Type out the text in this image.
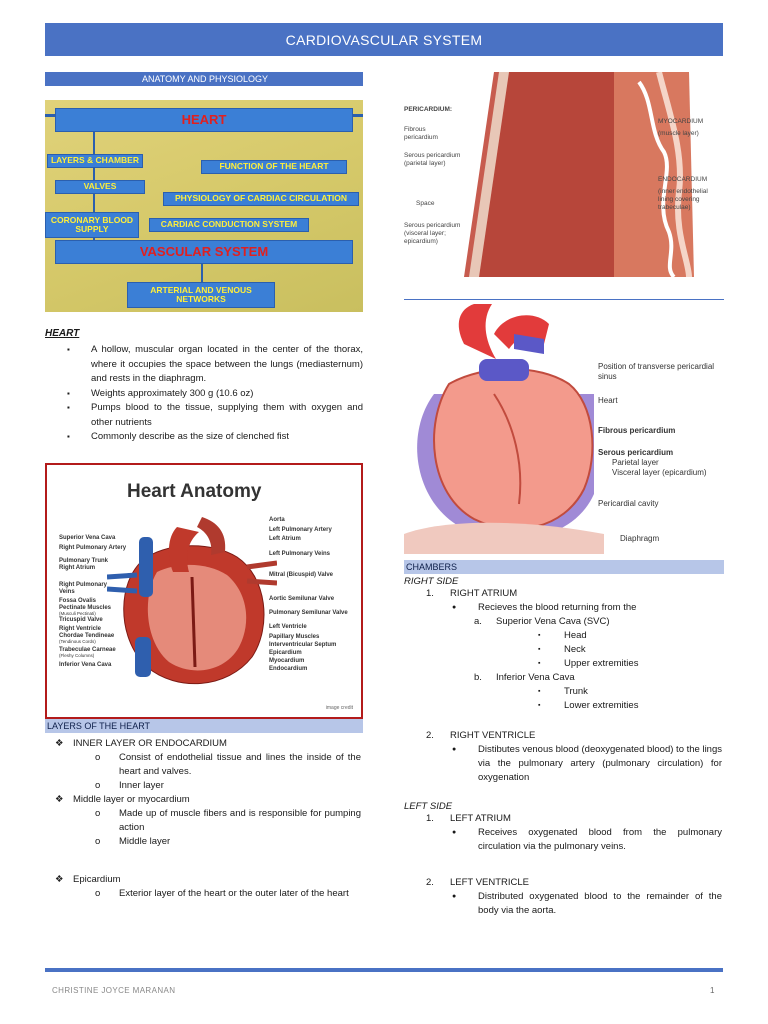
CARDIOVASCULAR SYSTEM
ANATOMY AND PHYSIOLOGY
HEART
LAYERS & CHAMBER
FUNCTION OF THE HEART
VALVES
PHYSIOLOGY OF CARDIAC CIRCULATION
CORONARY BLOOD SUPPLY	CARDIAC CONDUCTION SYSTEM
VASCULAR SYSTEM
ARTERIAL AND VENOUS NETWORKS
HEART
▪ A hollow, muscular organ located in the center of the thorax, where it occupies the space between the lungs (mediasternum) and rests in the diaphragm.
▪ Weights approximately 300 g (10.6 oz)
▪ Pumps blood to the tissue, supplying them with oxygen and other nutrients
▪ Commonly describe as the size of clenched fist
Heart Anatomy
Superior Vena Cava
Right Pulmonary Artery
Pulmonary Trunk
Right Atrium
Right Pulmonary
Veins
Fossa Ovalis
Pectinate Muscles
(Musculi Pectinati)
Tricuspid Valve
Right Ventricle
Chordae Tendineae
(Tendinous Cords)
Trabeculae Carneae
(Fleshy Columns)
Inferior Vena Cava
Aorta
Left Pulmonary Artery
Left Atrium
Left Pulmonary Veins
Mitral (Bicuspid) Valve
Aortic Semilunar Valve
Pulmonary Semilunar Valve
Left Ventricle
Papillary Muscles
Interventricular Septum
Epicardium
Myocardium
Endocardium
image credit
LAYERS OF THE HEART
❖ INNER LAYER OR ENDOCARDIUM
o Consist of endothelial tissue and lines the inside of the heart and valves.
o Inner layer
❖ Middle layer or myocardium
o Made up of muscle fibers and is responsible for pumping action
o Middle layer
❖ Epicardium
o Exterior layer of the heart or the outer later of the heart
PERICARDIUM:
Fibrous pericardium
Serous pericardium (parietal layer)
Space
Serous pericardium (visceral layer; epicardium)
MYOCARDIUM
(muscle layer)
ENDOCARDIUM
(inner endothelial lining covering trabeculae)
Position of transverse pericardial sinus
Heart
Fibrous pericardium
Serous pericardium
Parietal layer
Visceral layer (epicardium)
Pericardial cavity
Diaphragm
CHAMBERS
RIGHT SIDE
1. RIGHT ATRIUM
● Recieves the blood returning from the
a. Superior Vena Cava (SVC)
▪ Head
▪ Neck
▪ Upper extremities
b. Inferior Vena Cava
▪ Trunk
▪ Lower extremities
2. RIGHT VENTRICLE
● Distibutes venous blood (deoxygenated blood) to the lings via the pulmonary artery (pulmonary circulation) for oxygenation
LEFT SIDE
1. LEFT ATRIUM
● Receives oxygenated blood from the pulmonary circulation via the pulmonary veins.
2. LEFT VENTRICLE
● Distributed oxygenated blood to the remainder of the body via the aorta.
CHRISTINE JOYCE MARANAN	1
